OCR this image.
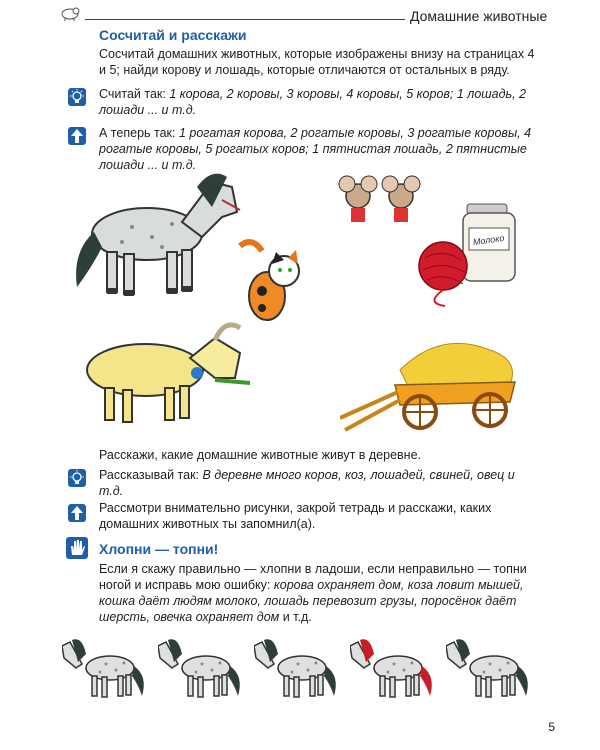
Домашние животные
Сосчитай и расскажи
Сосчитай домашних животных, которые изображены внизу на страницах 4 и 5; найди корову и лошадь, которые отличаются от остальных в ряду.
Считай так: 1 корова, 2 коровы, 3 коровы, 4 коровы, 5 коров; 1 лошадь, 2 лошади ... и т.д.
А теперь так: 1 рогатая корова, 2 рогатые коровы, 3 рогатые коровы, 4 рогатые коровы, 5 рогатых коров; 1 пятнистая лошадь, 2 пятнистые лошади ... и т.д.
Молоко
Расскажи, какие домашние животные живут в деревне.
Рассказывай так: В деревне много коров, коз, лошадей, свиней, овец и т.д.
Рассмотри внимательно рисунки, закрой тетрадь и расскажи, каких домашних животных ты запомнил(а).
Хлопни — топни!
Если я скажу правильно — хлопни в ладоши, если неправильно — топни ногой и исправь мою ошибку: корова охраняет дом, коза ловит мышей, кошка даёт людям молоко, лошадь перевозит грузы, поросёнок даёт шерсть, овечка охраняет дом и т.д.
5
